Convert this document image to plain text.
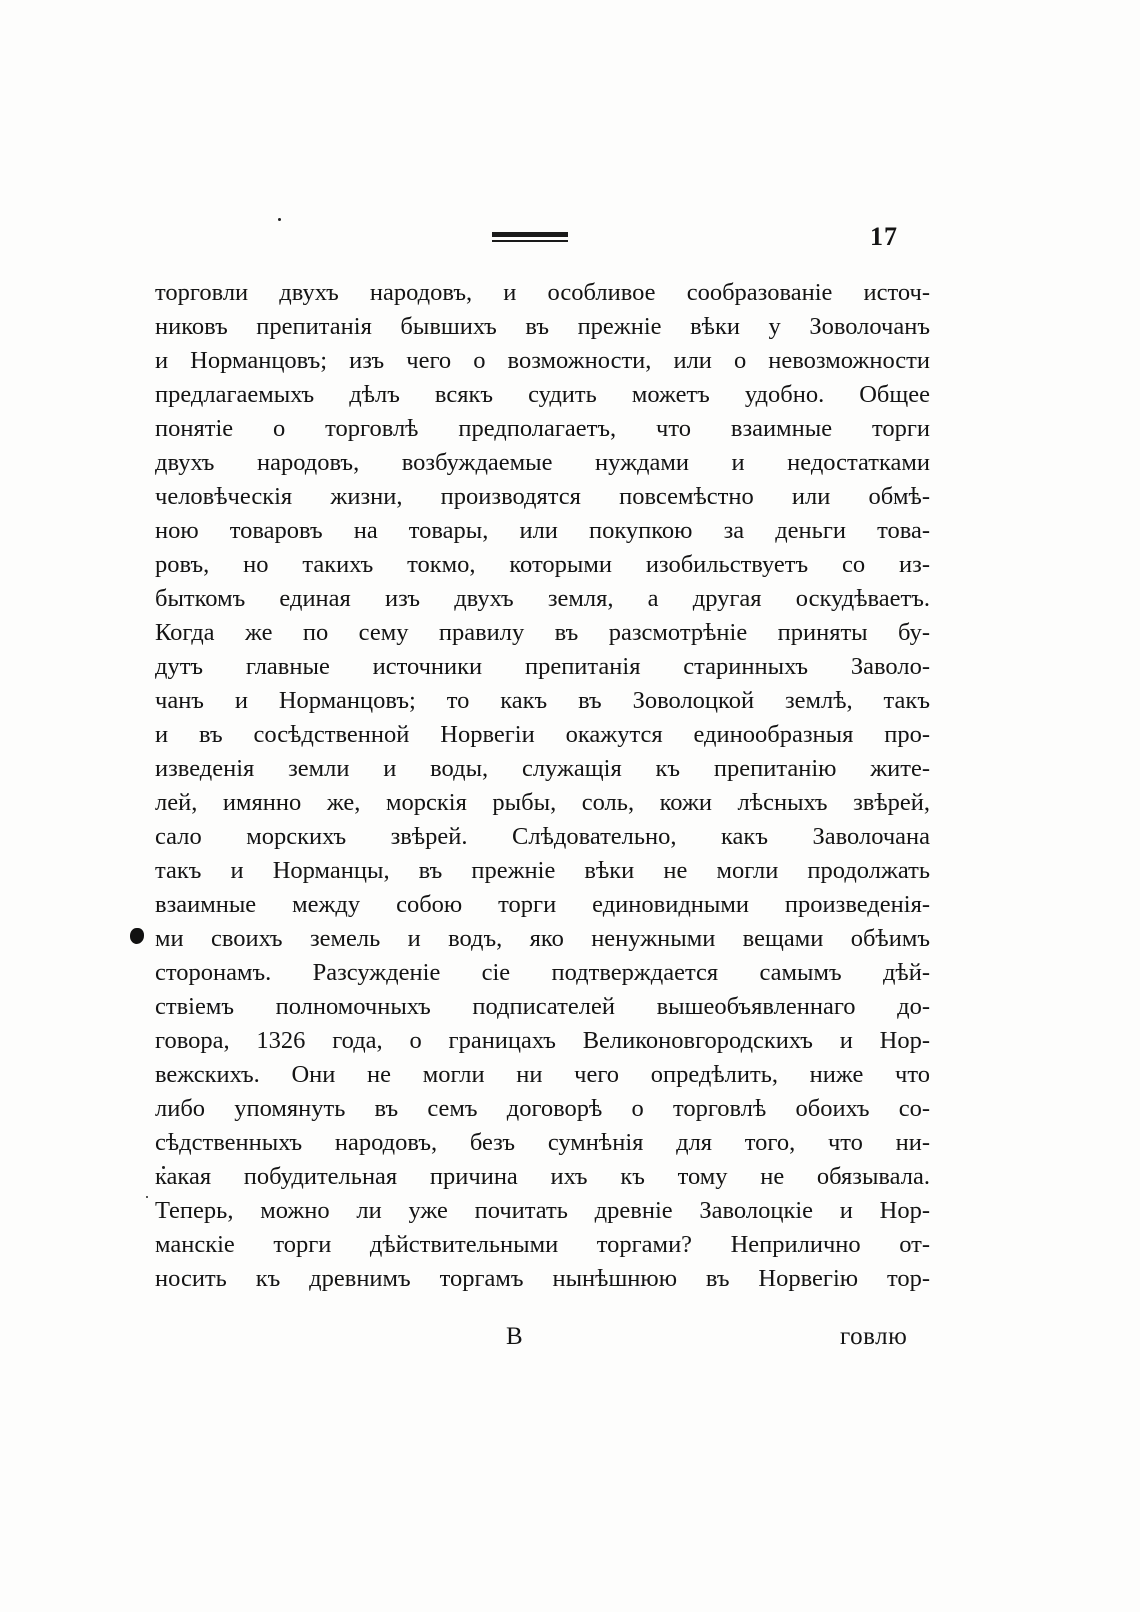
17
торговли двухъ народовъ, и особливое сообразованіе источ-
никовъ препитанія бывшихъ въ прежніе вѣки у Зоволочанъ
и Норманцовъ; изъ чего о возможности, или о невозможности
предлагаемыхъ дѣлъ всякъ судить можетъ удобно. Общее
понятіе о торговлѣ предполагаетъ, что взаимные торги
двухъ народовъ, возбуждаемые нуждами и недостатками
человѣческія жизни, производятся повсемѣстно или обмѣ-
ною товаровъ на товары, или покупкою за деньги това-
ровъ, но такихъ токмо, которыми изобильствуетъ со из-
быткомъ единая изъ двухъ земля, а другая оскудѣваетъ.
Когда же по сему правилу въ разсмотрѣніе приняты бу-
дутъ главные источники препитанія старинныхъ Заволо-
чанъ и Норманцовъ; то какъ въ Зоволоцкой землѣ, такъ
и въ сосѣдственной Норвегіи окажутся единообразныя про-
изведенія земли и воды, служащія къ препитанію жите-
лей, имянно же, морскія рыбы, соль, кожи лѣсныхъ звѣрей,
сало морскихъ звѣрей. Слѣдовательно, какъ Заволочана
такъ и Норманцы, въ прежніе вѣки не могли продолжать
взаимные между собою торги единовидными произведенія-
ми своихъ земель и водъ, яко ненужными вещами обѣимъ
сторонамъ. Разсужденіе сіе подтверждается самымъ дѣй-
ствіемъ полномочныхъ подписателей вышеобъявленнаго до-
говора, 1326 года, о границахъ Великоновгородскихъ и Нор-
вежскихъ. Они не могли ни чего опредѣлить, ниже что
либо упомянуть въ семъ договорѣ о торговлѣ обоихъ со-
сѣдственныхъ народовъ, безъ сумнѣнія для того, что ни-
какая побудительная причина ихъ къ тому не обязывала.
Теперь, можно ли уже почитать древніе Заволоцкіе и Нор-
манскіе торги дѣйствительными торгами? Неприлично от-
носить къ древнимъ торгамъ нынѣшнюю въ Норвегію тор-
B	говлю
